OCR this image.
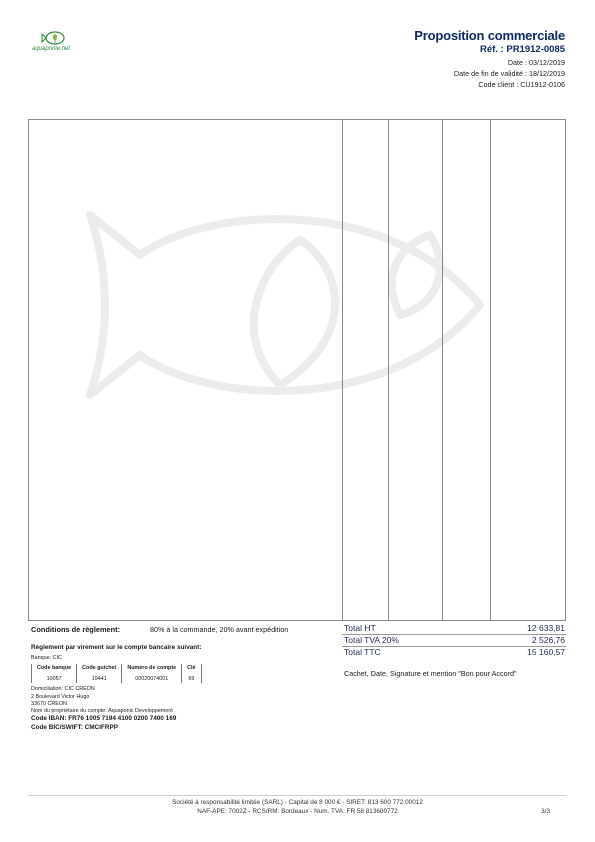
aquaponie.net
Proposition commerciale
Réf. : PR1912-0085
Date : 03/12/2019
Date de fin de validité : 18/12/2019
Code client : CU1912-0106
Conditions de règlement:	80% à la commande, 20% avant expédition
Règlement par virement sur le compte bancaire suivant:
Banque: CIC
Code banque	Code guichet	Numéro de compte	Clé
10057	19441	00020074001	69
Domiciliation: CIC CREON
2 Boulevard Victor Hugo
33670 CREON
Nom du propriétaire du compte: Aquaponic Developpement
Code IBAN: FR76 1005 7194 4100 0200 7400 169
Code BIC/SWIFT: CMCIFRPP
Total HT	12 633,81
Total TVA 20%	2 526,76
Total TTC	15 160,57
Cachet, Date, Signature et mention "Bon pour Accord"
Société à responsabilité limitée (SARL) - Capital de 8 000 € - SIRET: 813 600 772 00012
NAF-APE: 7002Z - RCS/RM: Bordeaux - Num. TVA: FR 58 813600772	3/3
